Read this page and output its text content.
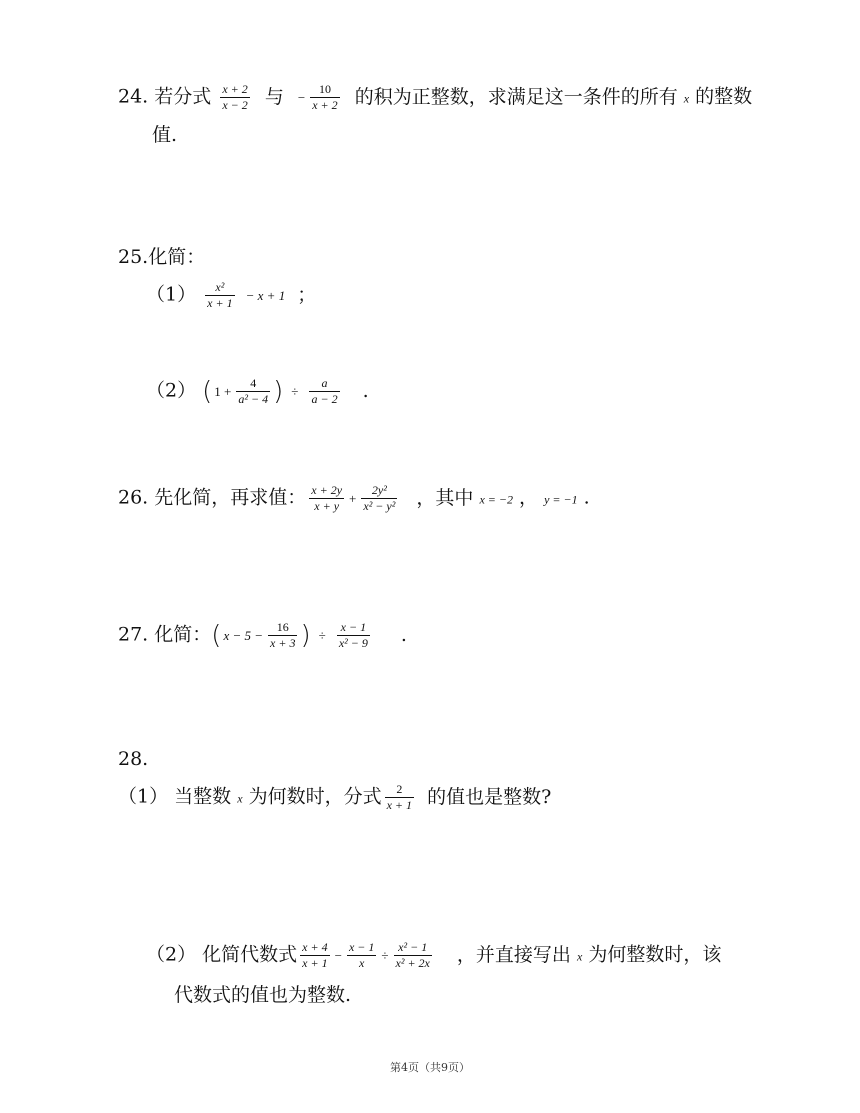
24. 若分式 $\frac{x + 2}{x - 2}$ 与 − $\frac{10}{x + 2}$ 的积为正整数，求满足这一条件的所有 x 的整数
值.
25.化简：
$(1) \frac{\text{x²}}{x + 1} - x + 1$ ；
（2） ( $1 + \frac{4}{\text{a² − 4}}$ ) ÷ $\frac{a}{a - 2}$ .
26. 先化简，再求值： $\frac{x + 2y}{x + y} + \frac{\text{2y²}}{\text{x² − y²}}$ ，其中 x = −2 ， y = −1 .
27. 化简：( $x - 5 - \frac{16}{x + 3}$ ) ÷ $\frac{x - 1}{\text{x² − 9}}$ .
28.
（1） 当整数 x 为何数时，分式 $\frac{2}{x + 1}$ 的值也是整数?
（2） 化简代数式 $\frac{x + 4}{x + 1} - \frac{x - 1}{x} \div \frac{\text{x² − 1}}{\text{x² + 2x}}$ ，并直接写出 x 为何整数时，该
代数式的值也为整数.
第4页（共9页）
